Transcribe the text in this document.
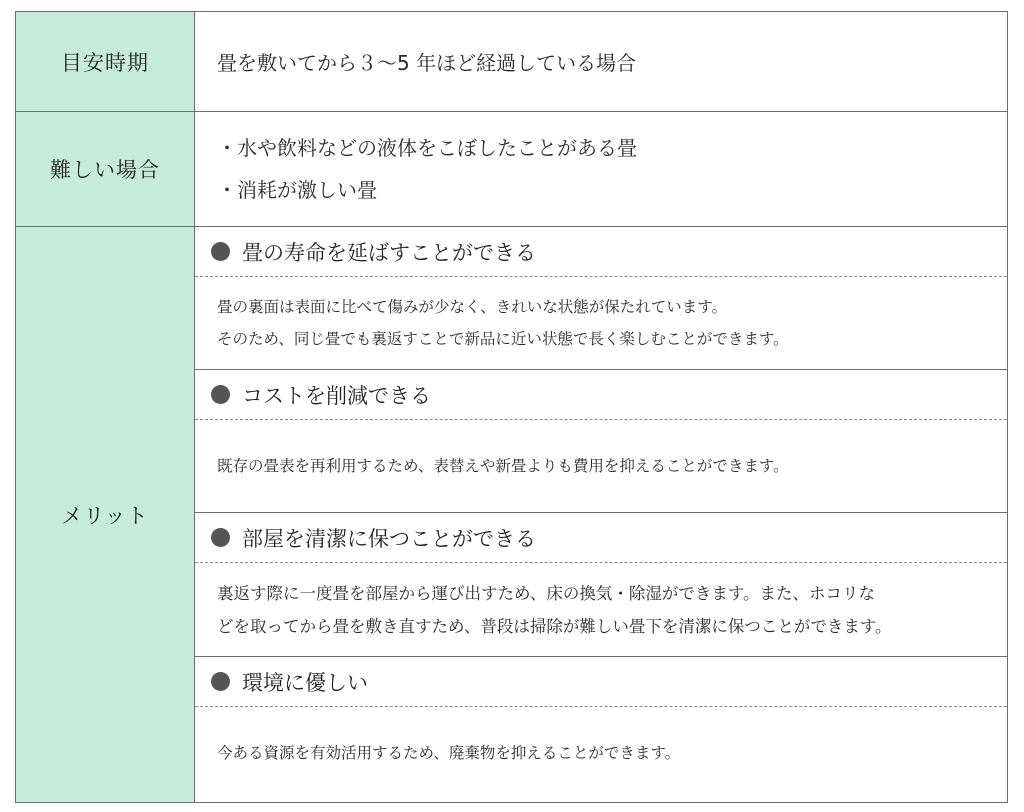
目安時期	畳を敷いてから３～5 年ほど経過している場合
難しい場合
・水や飲料などの液体をこぼしたことがある畳
・消耗が激しい畳
メリット
畳の寿命を延ばすことができる
畳の裏面は表面に比べて傷みが少なく、きれいな状態が保たれています。
そのため、同じ畳でも裏返すことで新品に近い状態で長く楽しむことができます。
コストを削減できる
既存の畳表を再利用するため、表替えや新畳よりも費用を抑えることができます。
部屋を清潔に保つことができる
裏返す際に一度畳を部屋から運び出すため、床の換気・除湿ができます。また、ホコリな
どを取ってから畳を敷き直すため、普段は掃除が難しい畳下を清潔に保つことができます。
環境に優しい
今ある資源を有効活用するため、廃棄物を抑えることができます。
